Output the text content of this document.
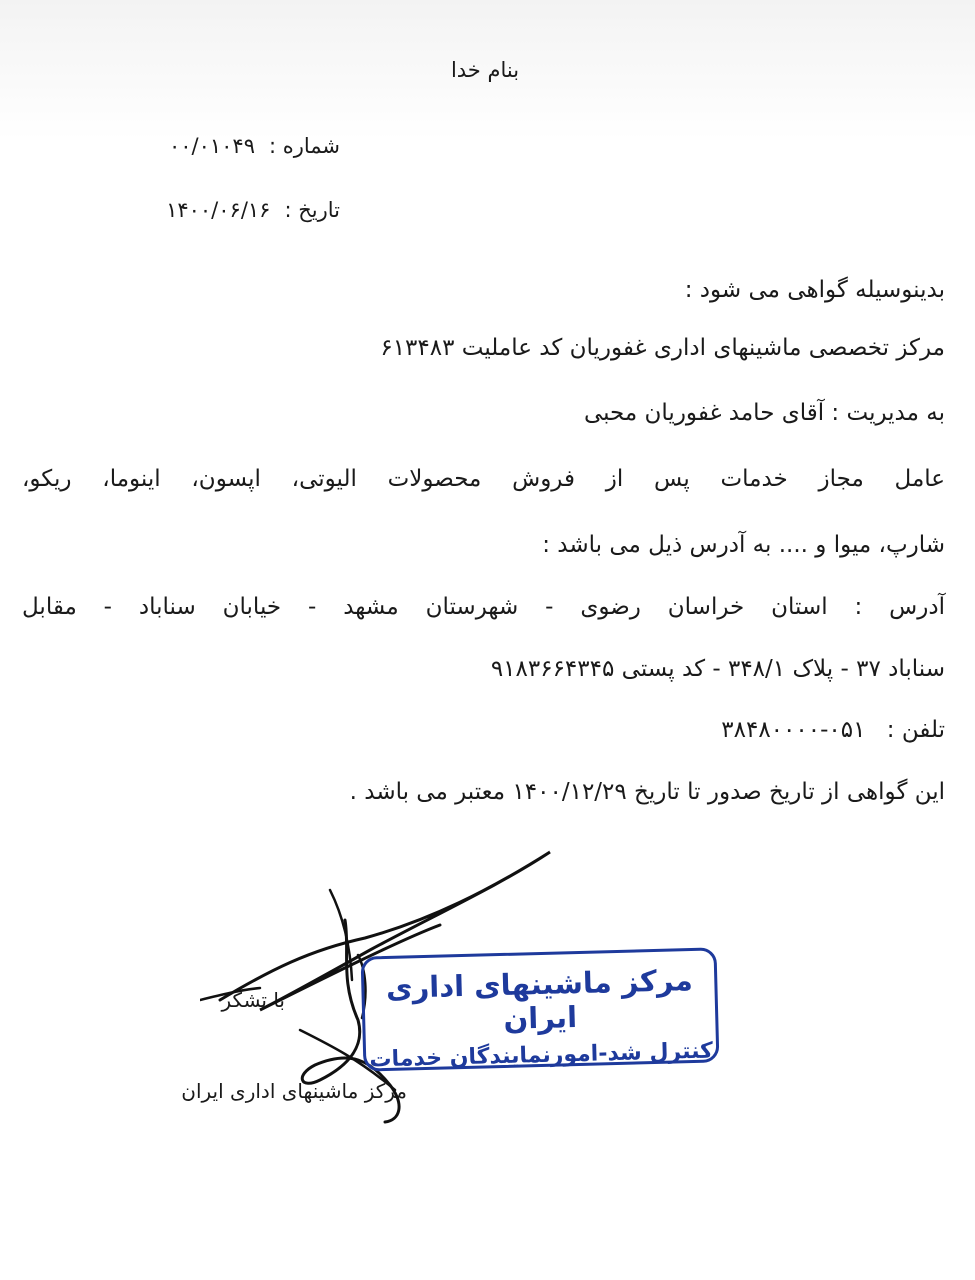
بنام خدا
شماره :۰۰/۰۱۰۴۹
تاریخ :۱۴۰۰/۰۶/۱۶
بدینوسیله گواهی می شود :
مرکز تخصصی ماشینهای اداری غفوریان کد عاملیت ۶۱۳۴۸۳
به مدیریت : آقای حامد غفوریان محبی
عامل مجاز خدمات پس از فروش محصولات الیوتی، اپسون، اینوما، ریکو،
شارپ، میوا و .... به آدرس ذیل می باشد :
آدرس : استان خراسان رضوی - شهرستان مشهد - خیابان سناباد - مقابل
سناباد ۳۷ - پلاک ۳۴۸/۱ - کد پستی ۹۱۸۳۶۶۴۳۴۵
تلفن : ۰۵۱-۳۸۴۸۰۰۰۰
این گواهی از تاریخ صدور تا تاریخ ۱۴۰۰/۱۲/۲۹ معتبر می باشد .
با تشکر
مرکز ماشینهای اداری ایران
مرکز ماشینهای اداری ایران
کنترل شد-امورنمایندگان خدمات
